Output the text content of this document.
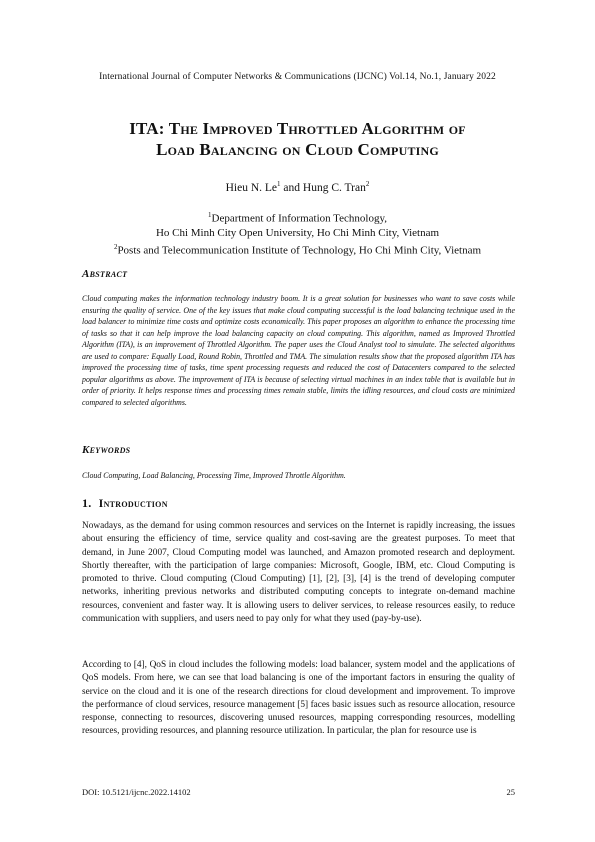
International Journal of Computer Networks & Communications (IJCNC) Vol.14, No.1, January 2022
ITA: The Improved Throttled Algorithm of
Load Balancing on Cloud Computing
Hieu N. Le$^1$ and Hung C. Tran$^2$
$^1$Department of Information Technology,
Ho Chi Minh City Open University, Ho Chi Minh City, Vietnam
$^2$Posts and Telecommunication Institute of Technology, Ho Chi Minh City, Vietnam
Abstract
Cloud computing makes the information technology industry boom. It is a great solution for businesses who want to save costs while ensuring the quality of service. One of the key issues that make cloud computing successful is the load balancing technique used in the load balancer to minimize time costs and optimize costs economically. This paper proposes an algorithm to enhance the processing time of tasks so that it can help improve the load balancing capacity on cloud computing. This algorithm, named as Improved Throttled Algorithm (ITA), is an improvement of Throttled Algorithm. The paper uses the Cloud Analyst tool to simulate. The selected algorithms are used to compare: Equally Load, Round Robin, Throttled and TMA. The simulation results show that the proposed algorithm ITA has improved the processing time of tasks, time spent processing requests and reduced the cost of Datacenters compared to the selected popular algorithms as above. The improvement of ITA is because of selecting virtual machines in an index table that is available but in order of priority. It helps response times and processing times remain stable, limits the idling resources, and cloud costs are minimized compared to selected algorithms.
Keywords
Cloud Computing, Load Balancing, Processing Time, Improved Throttle Algorithm.
1. Introduction
Nowadays, as the demand for using common resources and services on the Internet is rapidly increasing, the issues about ensuring the efficiency of time, service quality and cost-saving are the greatest purposes. To meet that demand, in June 2007, Cloud Computing model was launched, and Amazon promoted research and deployment. Shortly thereafter, with the participation of large companies: Microsoft, Google, IBM, etc. Cloud Computing is promoted to thrive. Cloud computing (Cloud Computing) [1], [2], [3], [4] is the trend of developing computer networks, inheriting previous networks and distributed computing concepts to integrate on-demand machine resources, convenient and faster way. It is allowing users to deliver services, to release resources easily, to reduce communication with suppliers, and users need to pay only for what they used (pay-by-use).
According to [4], QoS in cloud includes the following models: load balancer, system model and the applications of QoS models. From here, we can see that load balancing is one of the important factors in ensuring the quality of service on the cloud and it is one of the research directions for cloud development and improvement. To improve the performance of cloud services, resource management [5] faces basic issues such as resource allocation, resource response, connecting to resources, discovering unused resources, mapping corresponding resources, modelling resources, providing resources, and planning resource utilization. In particular, the plan for resource use is
DOI: 10.5121/ijcnc.2022.14102	25
